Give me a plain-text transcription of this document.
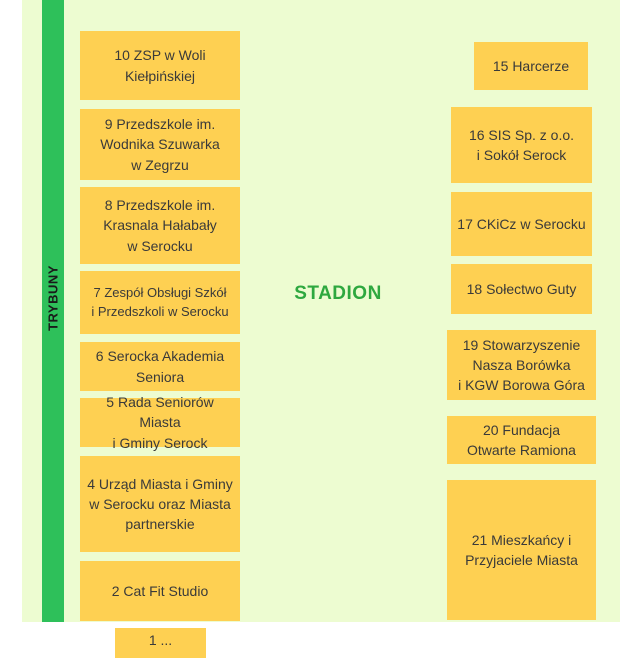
TRYBUNY	STADION
10 ZSP w Woli
Kiełpińskiej
9 Przedszkole im.
Wodnika Szuwarka
w Zegrzu
8 Przedszkole im.
Krasnala Hałabały
w Serocku
7 Zespół Obsługi Szkół
i Przedszkoli w Serocku
6 Serocka Akademia
Seniora
5 Rada Seniorów Miasta
i Gminy Serock
4 Urząd Miasta i Gminy
w Serocku oraz Miasta
partnerskie
2 Cat Fit Studio
1 ...
15 Harcerze
16 SIS Sp. z o.o.
i Sokół Serock
17 CKiCz w Serocku
18 Sołectwo Guty
19 Stowarzyszenie
Nasza Borówka
i KGW Borowa Góra
20 Fundacja
Otwarte Ramiona
21 Mieszkańcy i
Przyjaciele Miasta
